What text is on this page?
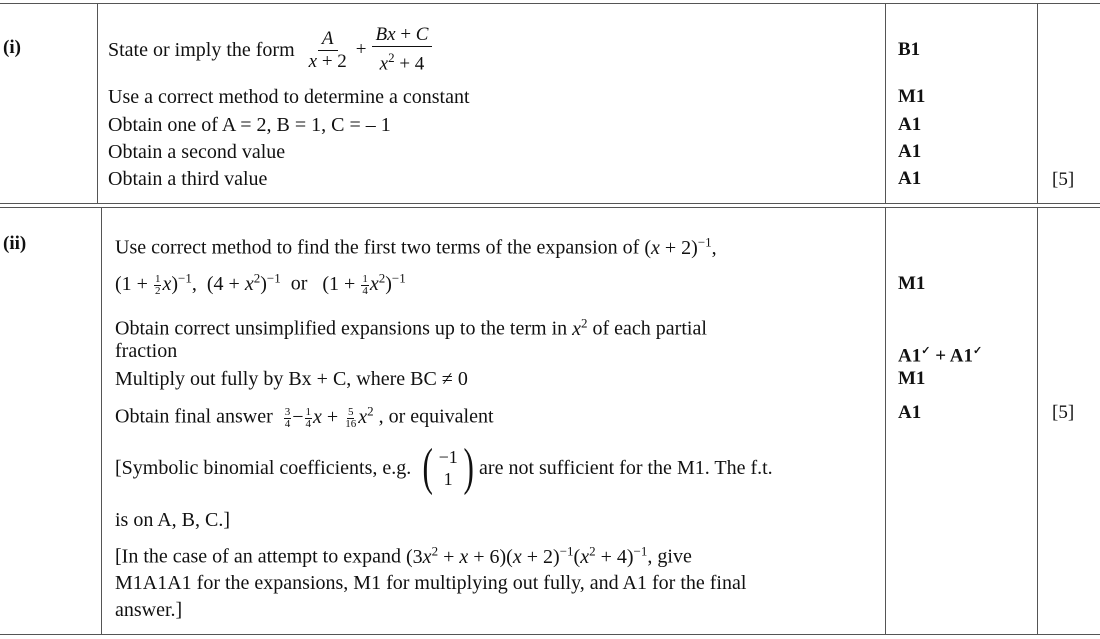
(i)	State or imply the form $\frac{A}{x + 2} + \frac{Bx + C}{x^2 + 4}$	B1
Use a correct method to determine a constant	M1
Obtain one of A = 2, B = 1, C = – 1	A1
Obtain a second value	A1
Obtain a third value	A1	[5]
(ii)	Use correct method to find the first two terms of the expansion of $(x + 2)^{-1}$,
$(1 + \frac{1}{2} x)^{-1}$,  $(4 + x^2)^{-1}$ or   $(1 + \frac{1}{4} x^2)^{-1}$	M1
Obtain correct unsimplified expansions up to the term in $x^2$ of each partial
fraction	A1✓ + A1✓
Multiply out fully by Bx + C, where BC ≠ 0	M1
Obtain final answer $\frac{3}{4} - \frac{1}{4}$ $x + \frac{5}{16} x^2$ , or equivalent	A1	[5]
[Symbolic binomial coefficients, e.g. ( −1
1 ) are not sufficient for the M1. The f.t.
is on A, B, C.]
[In the case of an attempt to expand $(3x^2 + x + 6)(x + 2)^{-1}(x^2 + 4)^{-1}$, give
M1A1A1 for the expansions, M1 for multiplying out fully, and A1 for the final
answer.]
